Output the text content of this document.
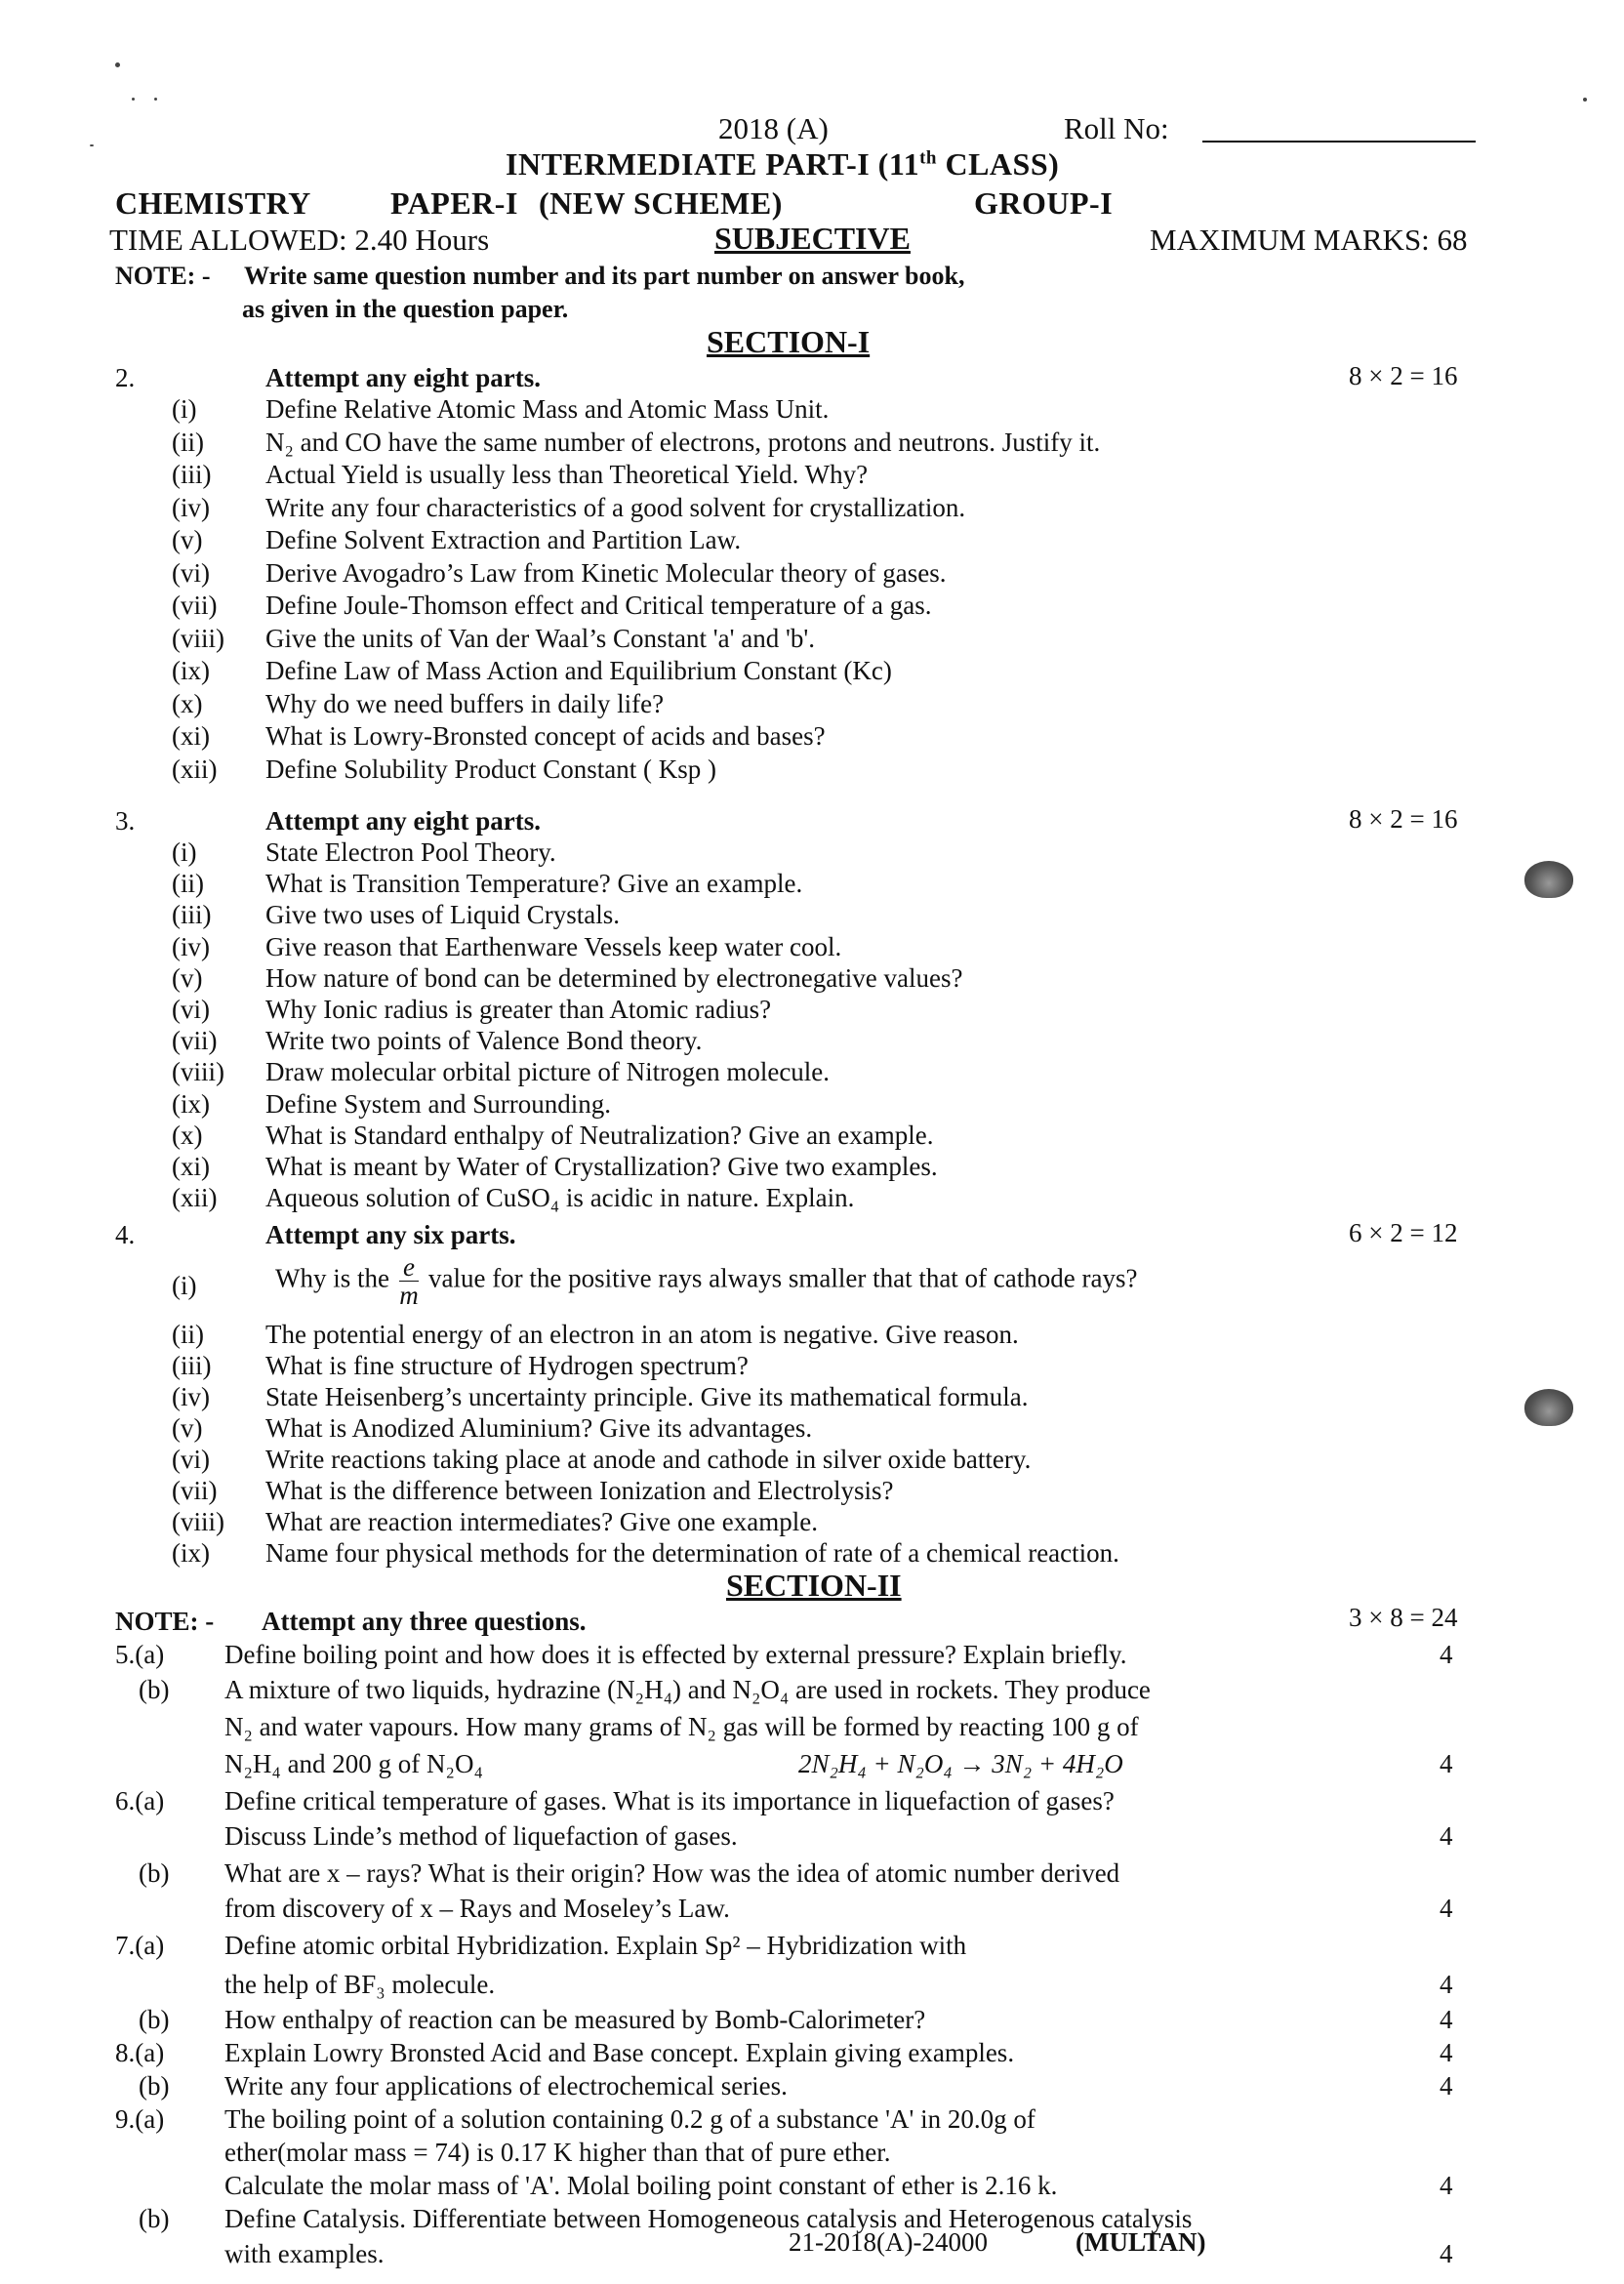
2018 (A)	Roll No:
INTERMEDIATE PART-I (11th CLASS)
CHEMISTRY	PAPER-I (NEW SCHEME)	GROUP-I
TIME ALLOWED: 2.40 Hours	SUBJECTIVE	MAXIMUM MARKS: 68
NOTE: - Write same question number and its part number on answer book,
as given in the question paper.
SECTION-I
2.	Attempt any eight parts.	8 × 2 = 16
(i)	Define Relative Atomic Mass and Atomic Mass Unit.
(ii) N₂ and CO have the same number of electrons, protons and neutrons. Justify it.
(iii) Actual Yield is usually less than Theoretical Yield. Why?
(iv) Write any four characteristics of a good solvent for crystallization.
(v) Define Solvent Extraction and Partition Law.
(vi) Derive Avogadro’s Law from Kinetic Molecular theory of gases.
(vii) Define Joule-Thomson effect and Critical temperature of a gas.
(viii) Give the units of Van der Waal’s Constant 'a' and 'b'.
(ix) Define Law of Mass Action and Equilibrium Constant (Kc)
(x) Why do we need buffers in daily life?
(xi) What is Lowry-Bronsted concept of acids and bases?
(xii) Define Solubility Product Constant ( Ksp )
3.	Attempt any eight parts.	8 × 2 = 16
(i)	State Electron Pool Theory.
(ii) What is Transition Temperature? Give an example.
(iii) Give two uses of Liquid Crystals.
(iv) Give reason that Earthenware Vessels keep water cool.
(v) How nature of bond can be determined by electronegative values?
(vi) Why Ionic radius is greater than Atomic radius?
(vii) Write two points of Valence Bond theory.
(viii) Draw molecular orbital picture of Nitrogen molecule.
(ix) Define System and Surrounding.
(x) What is Standard enthalpy of Neutralization? Give an example.
(xi) What is meant by Water of Crystallization? Give two examples.
(xii) Aqueous solution of CuSO₄ is acidic in nature. Explain.
4.	Attempt any six parts.	6 × 2 = 12
(i)	Why is the $\frac{e}{m}$ value for the positive rays always smaller that that of cathode rays?
(ii) The potential energy of an electron in an atom is negative. Give reason.
(iii) What is fine structure of Hydrogen spectrum?
(iv) State Heisenberg’s uncertainty principle. Give its mathematical formula.
(v) What is Anodized Aluminium? Give its advantages.
(vi) Write reactions taking place at anode and cathode in silver oxide battery.
(vii) What is the difference between Ionization and Electrolysis?
(viii) What are reaction intermediates? Give one example.
(ix) Name four physical methods for the determination of rate of a chemical reaction.
SECTION-II
NOTE: - Attempt any three questions.	3 × 8 = 24
5.(a) Define boiling point and how does it is effected by external pressure? Explain briefly.	4
(b) A mixture of two liquids, hydrazine (N₂H₄) and N₂O₄ are used in rockets. They produce
N₂ and water vapours. How many grams of N₂ gas will be formed by reacting 100 g of
N₂H₄ and 200 g of N₂O₄	2N₂H₄ + N₂O₄ → 3N₂ + 4H₂O	4
6.(a) Define critical temperature of gases. What is its importance in liquefaction of gases?
Discuss Linde’s method of liquefaction of gases.	4
(b) What are x – rays? What is their origin? How was the idea of atomic number derived
from discovery of x – Rays and Moseley’s Law.	4
7.(a) Define atomic orbital Hybridization. Explain Sp² – Hybridization with
the help of BF₃ molecule.	4
(b) How enthalpy of reaction can be measured by Bomb-Calorimeter?	4
8.(a) Explain Lowry Bronsted Acid and Base concept. Explain giving examples.	4
(b) Write any four applications of electrochemical series.	4
9.(a) The boiling point of a solution containing 0.2 g of a substance 'A' in 20.0g of
ether(molar mass = 74) is 0.17 K higher than that of pure ether.
Calculate the molar mass of 'A'. Molal boiling point constant of ether is 2.16 k.	4
(b) Define Catalysis. Differentiate between Homogeneous catalysis and Heterogenous catalysis
with examples.	4
21-2018(A)-24000	(MULTAN)
